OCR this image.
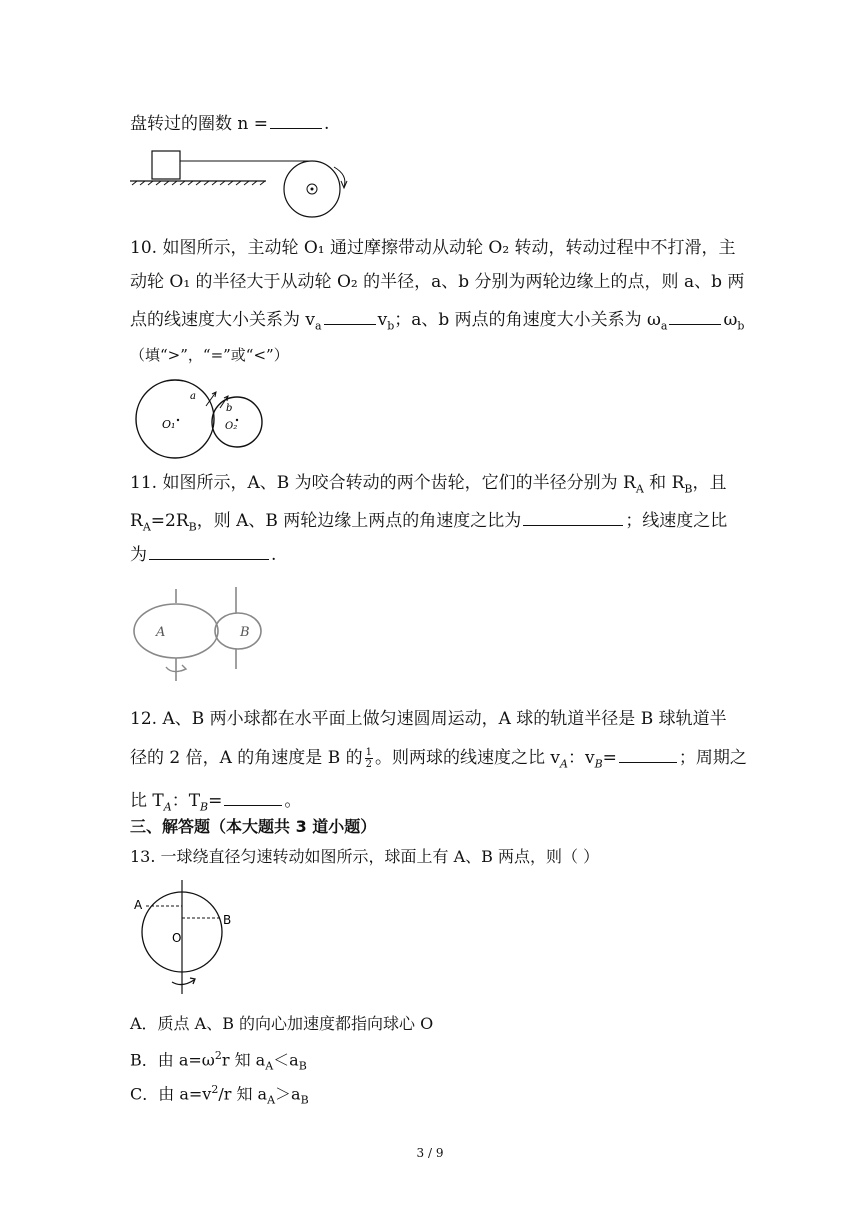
盘转过的圈数 n =	.
10. 如图所示，主动轮 O₁ 通过摩擦带动从动轮 O₂ 转动，转动过程中不打滑，主
动轮 O₁ 的半径大于从动轮 O₂ 的半径，a、b 分别为两轮边缘上的点，则 a、b 两
点的线速度大小关系为 $v_a$	$v_b$；a、b 两点的角速度大小关系为 $\omega_a$	$\omega_b$
（填“>”，“=”或“<”）
O₁	O₂
a
b
11. 如图所示，A、B 为咬合转动的两个齿轮，它们的半径分别为 $R_A$ 和 $R_B$，且
$R_A=2R_B$，则 A、B 两轮边缘上两点的角速度之比为	；线速度之比
为	.
A	B
12. A、B 两小球都在水平面上做匀速圆周运动，A 球的轨道半径是 B 球轨道半
径的 2 倍，A 的角速度是 B 的 $\frac{1}{2}$ 。则两球的线速度之比 $v_A$：$v_B=$	；周期之
比 $T_A$：$T_B=$	。
三、解答题（本大题共 3 道小题）
13. 一球绕直径匀速转动如图所示，球面上有 A、B 两点，则（ ）
A
B
O
A．质点 A、B 的向心加速度都指向球心 O
B．由 $a=\omega^2r$ 知 $a_A<a_B$
C．由 $a=v^2/r$ 知 $a_A>a_B$
3 / 9
